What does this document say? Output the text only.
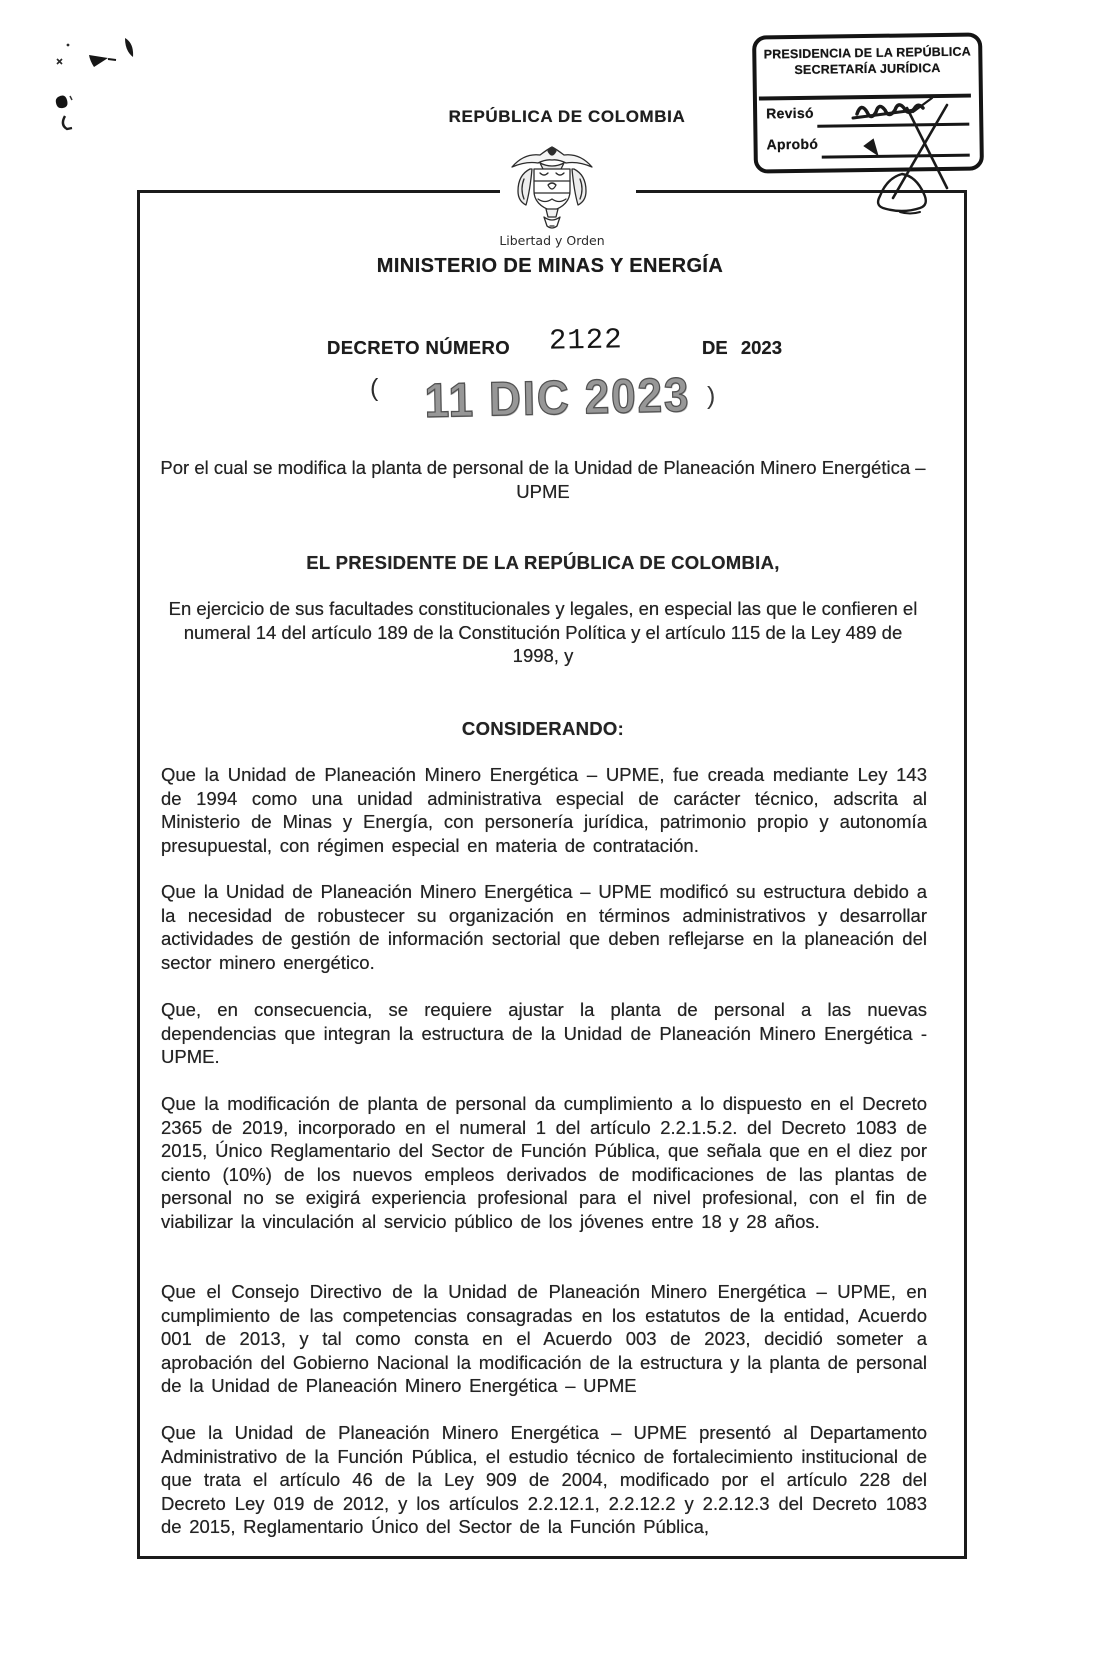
REPÚBLICA DE COLOMBIA
Libertad y Orden
MINISTERIO DE MINAS Y ENERGÍA
PRESIDENCIA DE LA REPÚBLICA
SECRETARÍA JURÍDICA
Revisó
Aprobó
DECRETO NÚMERO 2122	DE 2023
( 11 DIC 2023 )
Por el cual se modifica la planta de personal de la Unidad de Planeación Minero Energética – UPME
EL PRESIDENTE DE LA REPÚBLICA DE COLOMBIA,
En ejercicio de sus facultades constitucionales y legales, en especial las que le confieren el numeral 14 del artículo 189 de la Constitución Política y el artículo 115 de la Ley 489 de 1998, y
CONSIDERANDO:
Que la Unidad de Planeación Minero Energética – UPME, fue creada mediante Ley 143 de 1994 como una unidad administrativa especial de carácter técnico, adscrita al Ministerio de Minas y Energía, con personería jurídica, patrimonio propio y autonomía presupuestal, con régimen especial en materia de contratación.
Que la Unidad de Planeación Minero Energética – UPME modificó su estructura debido a la necesidad de robustecer su organización en términos administrativos y desarrollar actividades de gestión de información sectorial que deben reflejarse en la planeación del sector minero energético.
Que, en consecuencia, se requiere ajustar la planta de personal a las nuevas dependencias que integran la estructura de la Unidad de Planeación Minero Energética - UPME.
Que la modificación de planta de personal da cumplimiento a lo dispuesto en el Decreto 2365 de 2019, incorporado en el numeral 1 del artículo 2.2.1.5.2. del Decreto 1083 de 2015, Único Reglamentario del Sector de Función Pública, que señala que en el diez por ciento (10%) de los nuevos empleos derivados de modificaciones de las plantas de personal no se exigirá experiencia profesional para el nivel profesional, con el fin de viabilizar la vinculación al servicio público de los jóvenes entre 18 y 28 años.
Que el Consejo Directivo de la Unidad de Planeación Minero Energética – UPME, en cumplimiento de las competencias consagradas en los estatutos de la entidad, Acuerdo 001 de 2013, y tal como consta en el Acuerdo 003 de 2023, decidió someter a aprobación del Gobierno Nacional la modificación de la estructura y la planta de personal de la Unidad de Planeación Minero Energética – UPME
Que la Unidad de Planeación Minero Energética – UPME presentó al Departamento Administrativo de la Función Pública, el estudio técnico de fortalecimiento institucional de que trata el artículo 46 de la Ley 909 de 2004, modificado por el artículo 228 del Decreto Ley 019 de 2012, y los artículos 2.2.12.1, 2.2.12.2 y 2.2.12.3 del Decreto 1083 de 2015, Reglamentario Único del Sector de la Función Pública,
